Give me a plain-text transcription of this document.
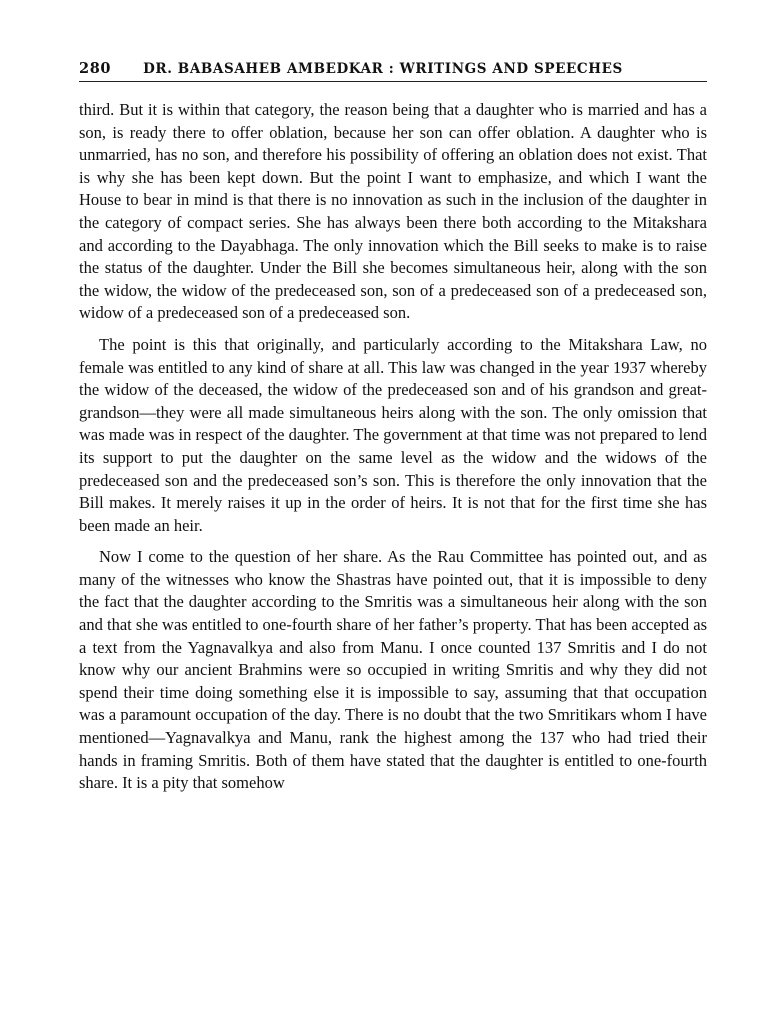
280 DR. BABASAHEB AMBEDKAR : WRITINGS AND SPEECHES

third. But it is within that category, the reason being that a daughter who is married and has a son, is ready there to offer oblation, because her son can offer oblation. A daughter who is unmarried, has no son, and therefore his possibility of offering an oblation does not exist. That is why she has been kept down. But the point I want to emphasize, and which I want the House to bear in mind is that there is no innovation as such in the inclusion of the daughter in the category of compact series. She has always been there both according to the Mitakshara and according to the Dayabhaga. The only innovation which the Bill seeks to make is to raise the status of the daughter. Under the Bill she becomes simultaneous heir, along with the son the widow, the widow of the predeceased son, son of a predeceased son of a predeceased son, widow of a predeceased son of a predeceased son.

The point is this that originally, and particularly according to the Mitakshara Law, no female was entitled to any kind of share at all. This law was changed in the year 1937 whereby the widow of the deceased, the widow of the predeceased son and of his grandson and great-grandson—they were all made simultaneous heirs along with the son. The only omission that was made was in respect of the daughter. The government at that time was not prepared to lend its support to put the daughter on the same level as the widow and the widows of the predeceased son and the predeceased son’s son. This is therefore the only innovation that the Bill makes. It merely raises it up in the order of heirs. It is not that for the first time she has been made an heir.

Now I come to the question of her share. As the Rau Committee has pointed out, and as many of the witnesses who know the Shastras have pointed out, that it is impossible to deny the fact that the daughter according to the Smritis was a simultaneous heir along with the son and that she was entitled to one-fourth share of her father’s property. That has been accepted as a text from the Yagnavalkya and also from Manu. I once counted 137 Smritis and I do not know why our ancient Brahmins were so occupied in writing Smritis and why they did not spend their time doing something else it is impossible to say, assuming that that occupation was a paramount occupation of the day. There is no doubt that the two Smritikars whom I have mentioned—Yagnavalkya and Manu, rank the highest among the 137 who had tried their hands in framing Smritis. Both of them have stated that the daughter is entitled to one-fourth share. It is a pity that somehow
